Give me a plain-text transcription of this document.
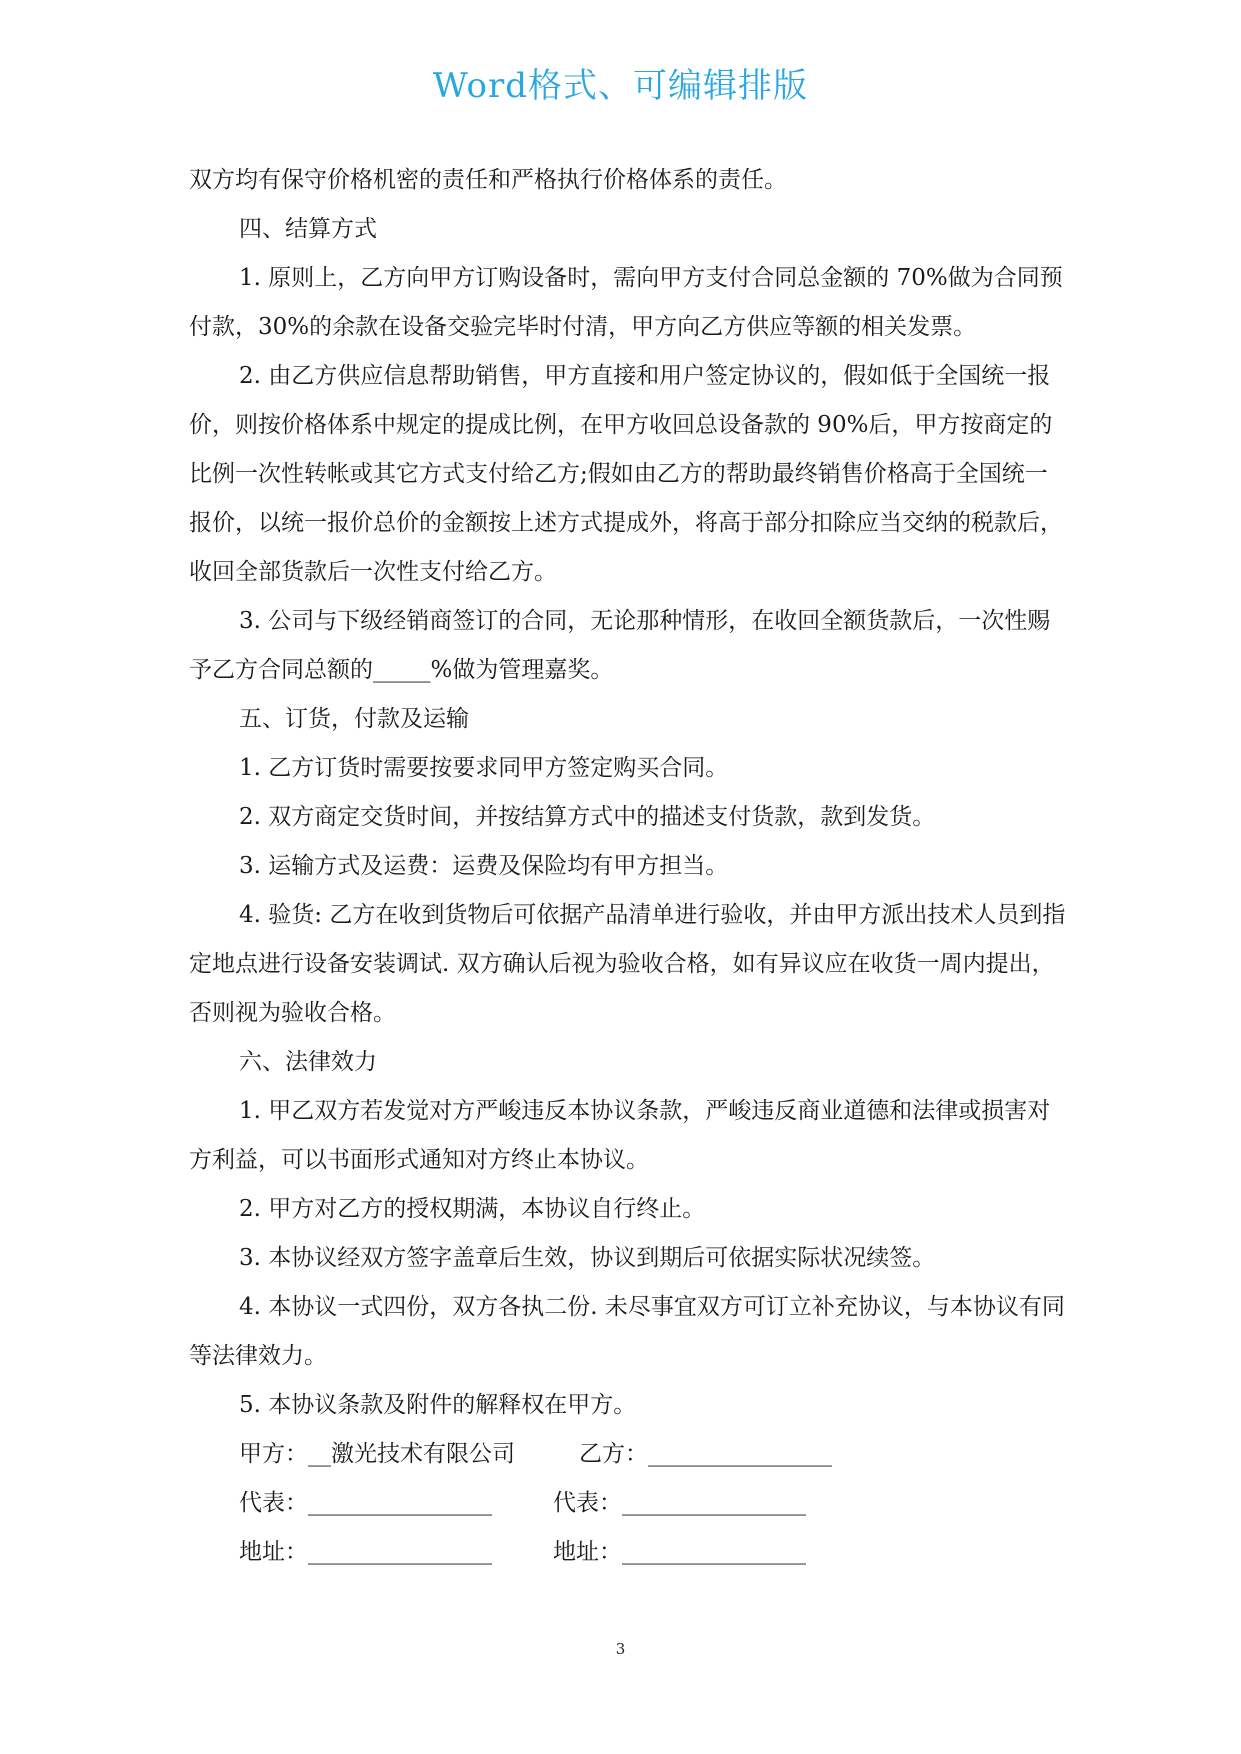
Word格式、可编辑排版

双方均有保守价格机密的责任和严格执行价格体系的责任。

四、结算方式

1. 原则上，乙方向甲方订购设备时，需向甲方支付合同总金额的 70%做为合同预付款，30%的余款在设备交验完毕时付清，甲方向乙方供应等额的相关发票。

2. 由乙方供应信息帮助销售，甲方直接和用户签定协议的，假如低于全国统一报价，则按价格体系中规定的提成比例，在甲方收回总设备款的 90%后，甲方按商定的比例一次性转帐或其它方式支付给乙方;假如由乙方的帮助最终销售价格高于全国统一报价，以统一报价总价的金额按上述方式提成外，将高于部分扣除应当交纳的税款后，收回全部货款后一次性支付给乙方。

3. 公司与下级经销商签订的合同，无论那种情形，在收回全额货款后，一次性赐予乙方合同总额的_____%做为管理嘉奖。

五、订货，付款及运输

1. 乙方订货时需要按要求同甲方签定购买合同。

2. 双方商定交货时间，并按结算方式中的描述支付货款，款到发货。

3. 运输方式及运费：运费及保险均有甲方担当。

4. 验货: 乙方在收到货物后可依据产品清单进行验收，并由甲方派出技术人员到指定地点进行设备安装调试. 双方确认后视为验收合格，如有异议应在收货一周内提出，否则视为验收合格。

六、法律效力

1. 甲乙双方若发觉对方严峻违反本协议条款，严峻违反商业道德和法律或损害对方利益，可以书面形式通知对方终止本协议。

2. 甲方对乙方的授权期满，本协议自行终止。

3. 本协议经双方签字盖章后生效，协议到期后可依据实际状况续签。

4. 本协议一式四份，双方各执二份. 未尽事宜双方可订立补充协议，与本协议有同等法律效力。

5. 本协议条款及附件的解释权在甲方。

甲方：__激光技术有限公司	乙方：________________

代表：________________	代表：________________

地址：________________	地址：________________

3
